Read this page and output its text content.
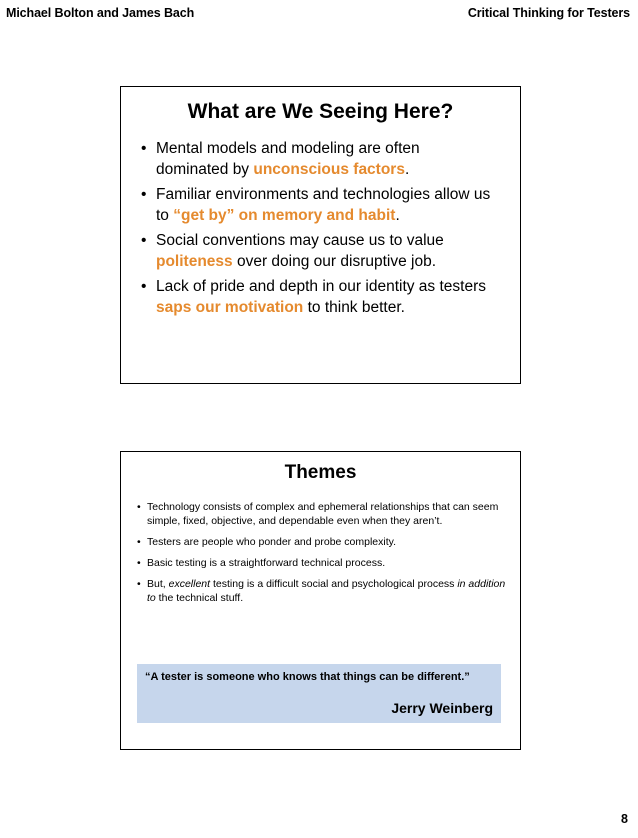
Michael Bolton and James Bach	Critical Thinking for Testers
What are We Seeing Here?
• Mental models and modeling are often dominated by unconscious factors.
• Familiar environments and technologies allow us to “get by” on memory and habit.
• Social conventions may cause us to value politeness over doing our disruptive job.
• Lack of pride and depth in our identity as testers saps our motivation to think better.
Themes
• Technology consists of complex and ephemeral relationships that can seem simple, fixed, objective, and dependable even when they aren’t.
• Testers are people who ponder and probe complexity.
• Basic testing is a straightforward technical process.
• But, excellent testing is a difficult social and psychological process in addition to the technical stuff.
“A tester is someone who knows that things can be different.”
Jerry Weinberg
8
